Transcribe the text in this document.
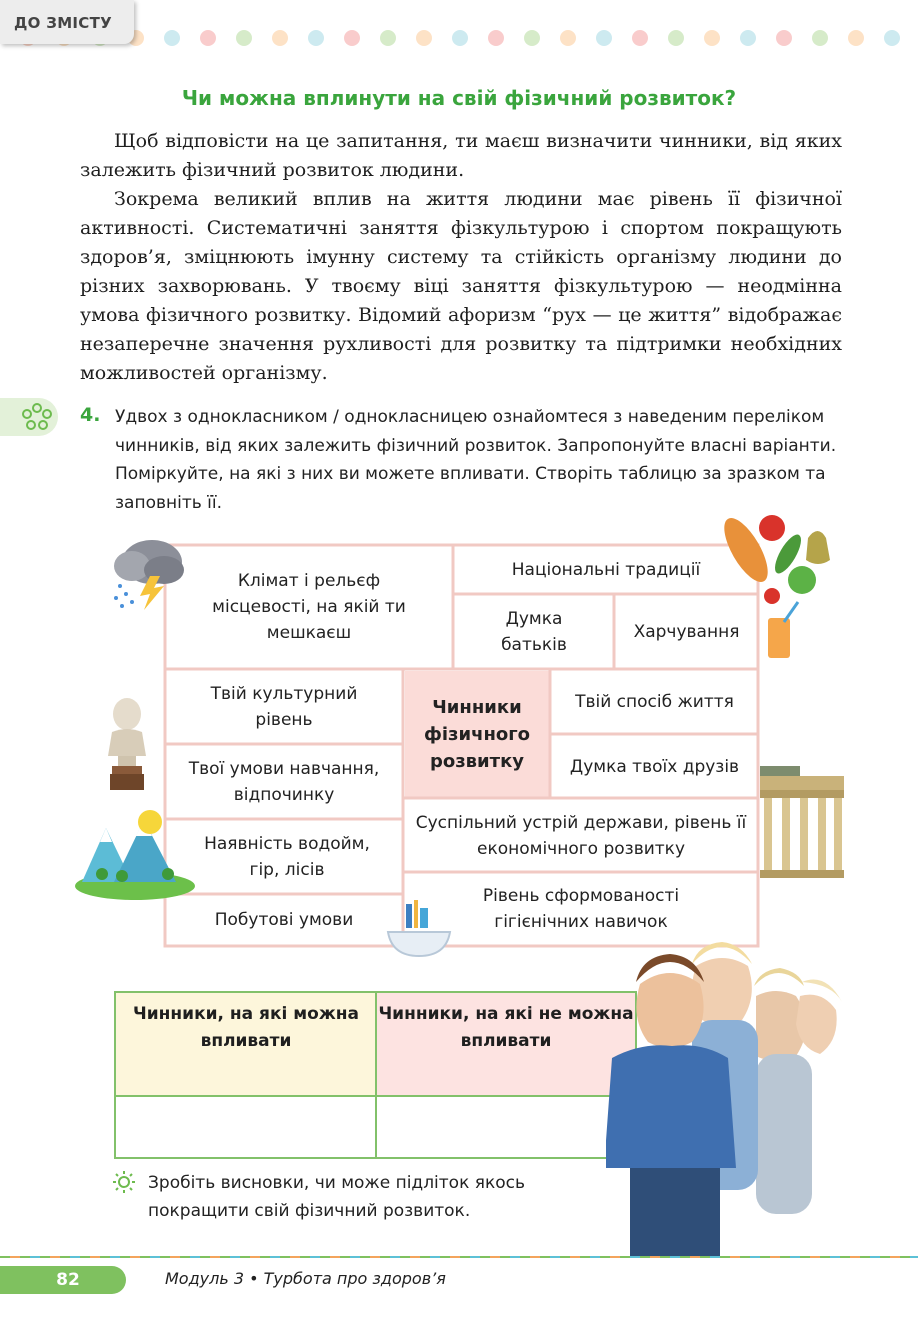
ДО ЗМІСТУ
Чи можна вплинути на свій фізичний розвиток?

Щоб відповісти на це запитання, ти маєш визначити чинники, від яких залежить фізичний розвиток людини.

Зокрема великий вплив на життя людини має рівень її фізичної активності. Систематичні заняття фізкультурою і спортом покращують здоров’я, зміцнюють імунну систему та стійкість організму людини до різних захворювань. У твоєму віці заняття фізкультурою — неодмінна умова фізичного розвитку. Відомий афоризм “рух — це життя” відображає незаперечне значення рухливості для розвитку та підтримки необхідних можливостей організму.

4. Удвох з однокласником / однокласницею ознайомтеся з наведеним переліком чинників, від яких залежить фізичний розвиток. Запропонуйте власні варіанти. Поміркуйте, на які з них ви можете впливати. Створіть таблицю за зразком та заповніть її.

Клімат і рельєф місцевості, на якій ти мешкаєш
Національні традиції
Думка батьків
Харчування
Твій культурний рівень
Чинники фізичного розвитку
Твій спосіб життя
Думка твоїх друзів
Твої умови навчання, відпочинку
Суспільний устрій держави, рівень її економічного розвитку
Наявність водойм, гір, лісів
Побутові умови
Рівень сформованості гігієнічних навичок
Чинники, на які можна впливати
Чинники, на які не можна впливати

Зробіть висновки, чи може підліток якось покращити свій фізичний розвиток.

82	Модуль 3 • Турбота про здоров’я
